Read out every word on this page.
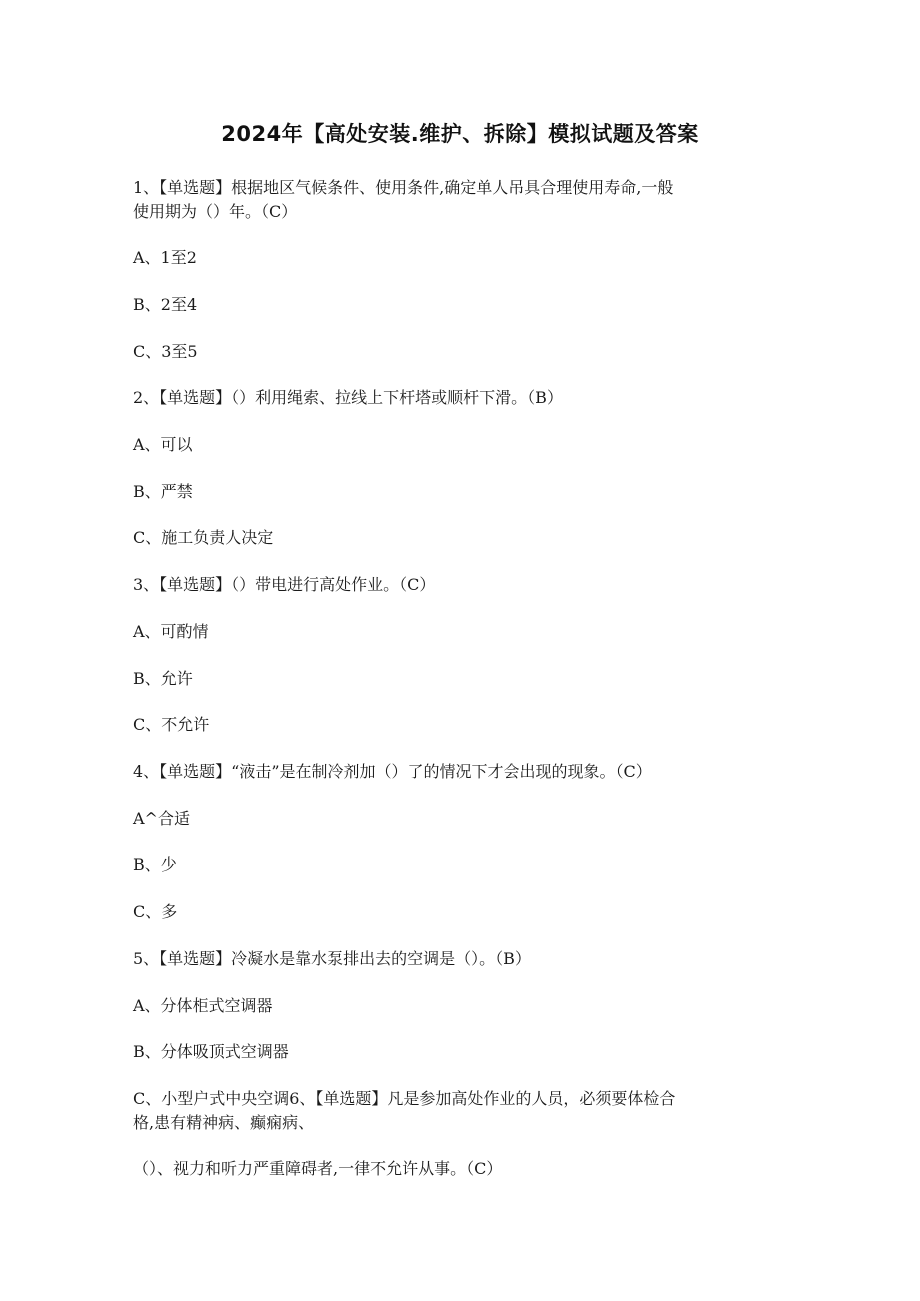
2024年【高处安装.维护、拆除】模拟试题及答案
1、【单选题】根据地区气候条件、使用条件,确定单人吊具合理使用寿命,一般
使用期为（）年。（C）
A、1至2
B、2至4
C、3至5
2、【单选题】（）利用绳索、拉线上下杆塔或顺杆下滑。（B）
A、可以
B、严禁
C、施工负责人决定
3、【单选题】（）带电进行高处作业。（C）
A、可酌情
B、允许
C、不允许
4、【单选题】“液击”是在制冷剂加（）了的情况下才会出现的现象。（C）
A^合适
B、少
C、多
5、【单选题】冷凝水是靠水泵排出去的空调是（）。（B）
A、分体柜式空调器
B、分体吸顶式空调器
C、小型户式中央空调6、【单选题】凡是参加高处作业的人员，必须要体检合
格,患有精神病、癫痫病、
（）、视力和听力严重障碍者,一律不允许从事。（C）
